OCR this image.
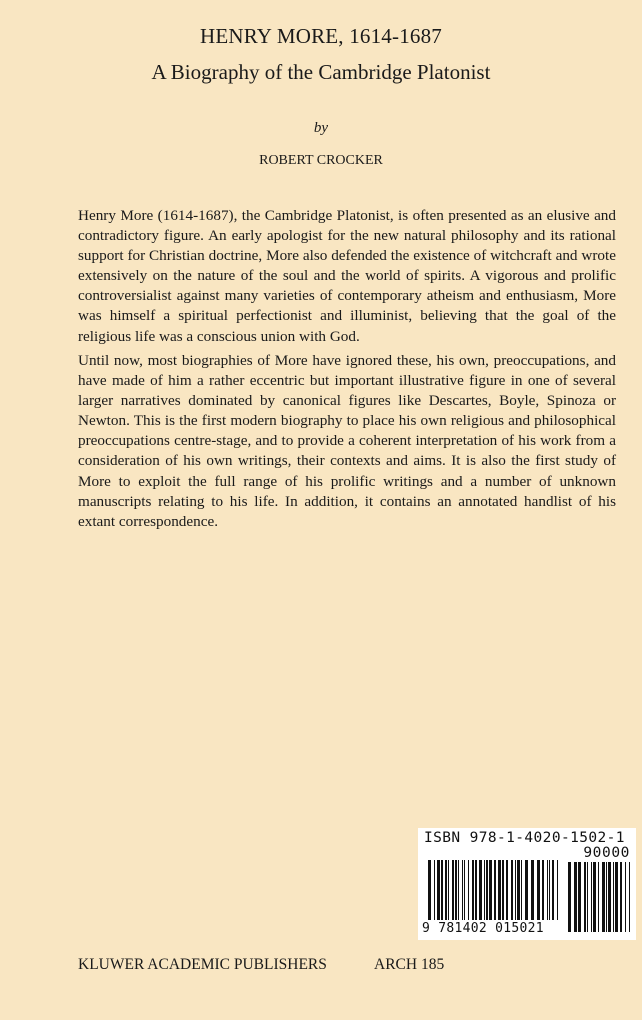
HENRY MORE, 1614-1687
A Biography of the Cambridge Platonist
by
ROBERT CROCKER
Henry More (1614-1687), the Cambridge Platonist, is often presented as an elusive and contradictory figure. An early apologist for the new natural philosophy and its rational support for Christian doctrine, More also defended the existence of witchcraft and wrote extensively on the nature of the soul and the world of spirits. A vigorous and prolific controversialist against many varieties of contemporary atheism and enthusiasm, More was himself a spiritual perfectionist and illuminist, believing that the goal of the religious life was a conscious union with God.
Until now, most biographies of More have ignored these, his own, preoccupations, and have made of him a rather eccentric but important illustrative figure in one of several larger narratives dominated by canonical figures like Descartes, Boyle, Spinoza or Newton. This is the first modern biography to place his own religious and philosophical preoccupations centre-stage, and to provide a coherent interpretation of his work from a consideration of his own writings, their contexts and aims. It is also the first study of More to exploit the full range of his prolific writings and a number of unknown manuscripts relating to his life. In addition, it contains an annotated handlist of his extant correspondence.
ISBN 978-1-4020-1502-1
90000
9 781402 015021
KLUWER ACADEMIC PUBLISHERS	ARCH 185
